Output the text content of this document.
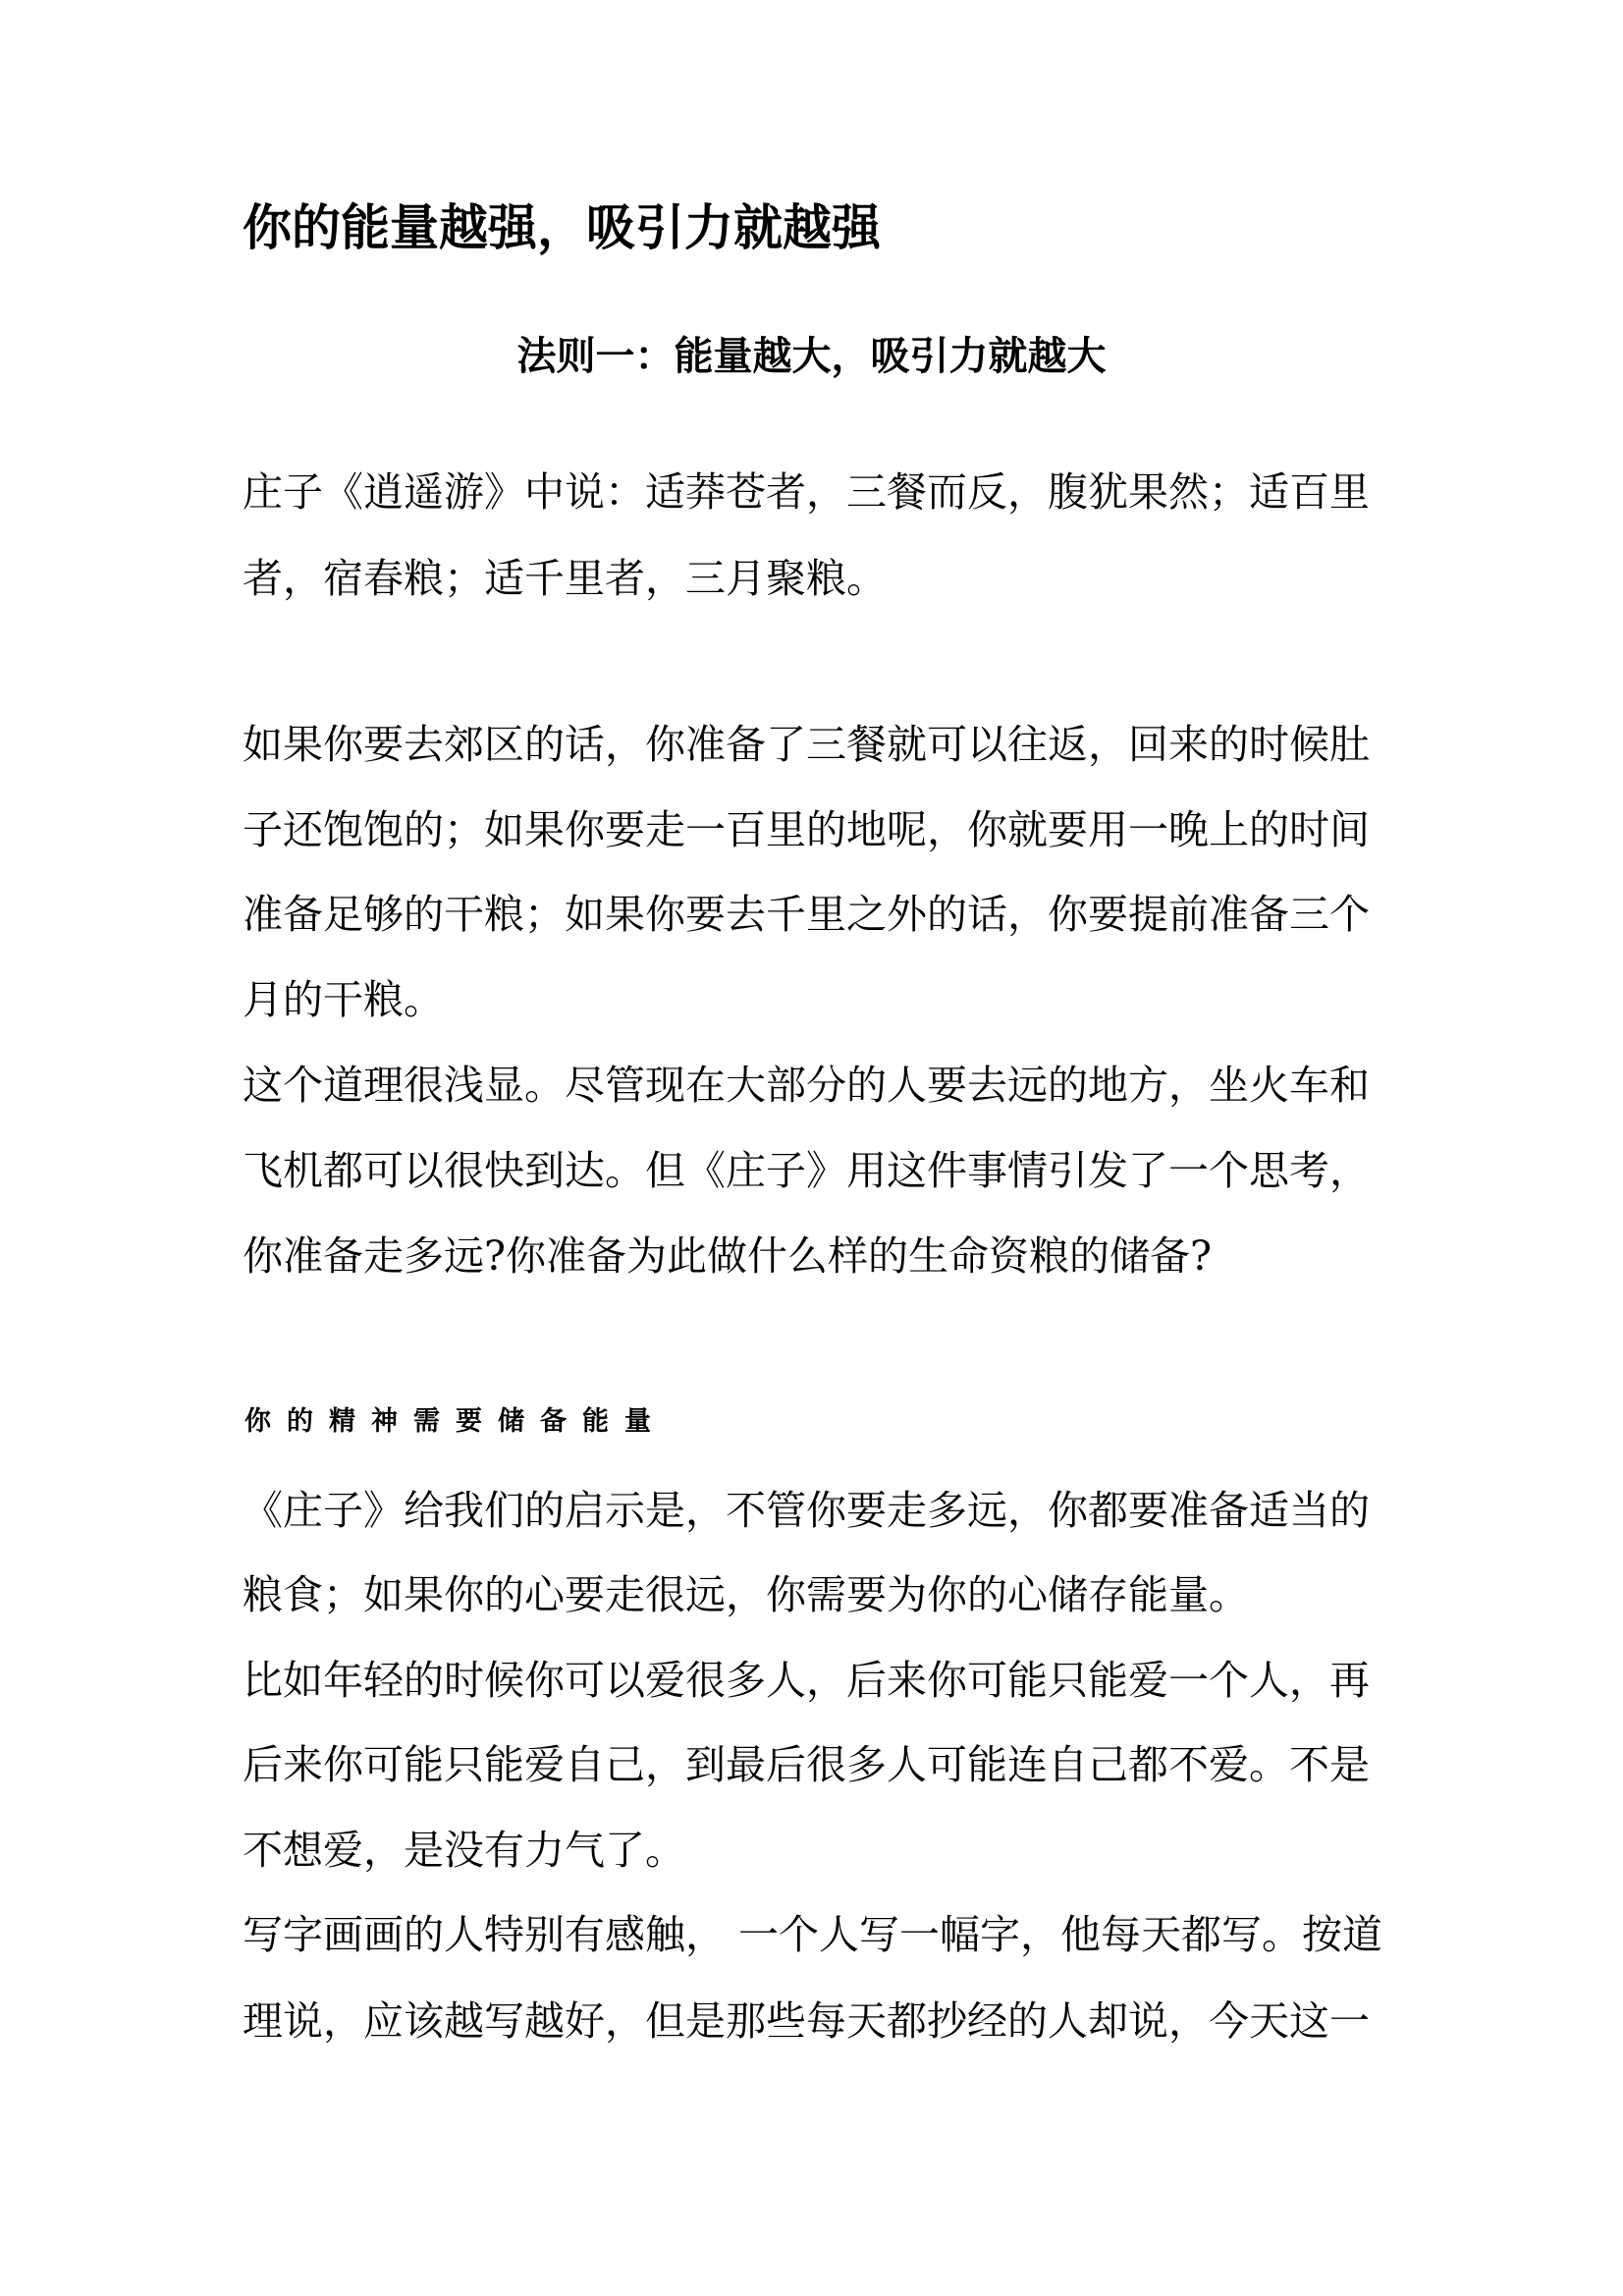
你的能量越强，吸引力就越强
法则一：能量越大，吸引力就越大
庄子《逍遥游》中说：适莽苍者，三餐而反，腹犹果然；适百里
者，宿春粮；适千里者，三月聚粮。
如果你要去郊区的话，你准备了三餐就可以往返，回来的时候肚
子还饱饱的；如果你要走一百里的地呢，你就要用一晚上的时间
准备足够的干粮；如果你要去千里之外的话，你要提前准备三个
月的干粮。
这个道理很浅显。尽管现在大部分的人要去远的地方，坐火车和
飞机都可以很快到达。但《庄子》用这件事情引发了一个思考，
你准备走多远?你准备为此做什么样的生命资粮的储备?
你的精神需要储备能量
《庄子》给我们的启示是，不管你要走多远，你都要准备适当的
粮食；如果你的心要走很远，你需要为你的心储存能量。
比如年轻的时候你可以爱很多人，后来你可能只能爱一个人，再
后来你可能只能爱自己，到最后很多人可能连自己都不爱。不是
不想爱，是没有力气了。
写字画画的人特别有感触， 一个人写一幅字，他每天都写。按道
理说，应该越写越好，但是那些每天都抄经的人却说，今天这一
